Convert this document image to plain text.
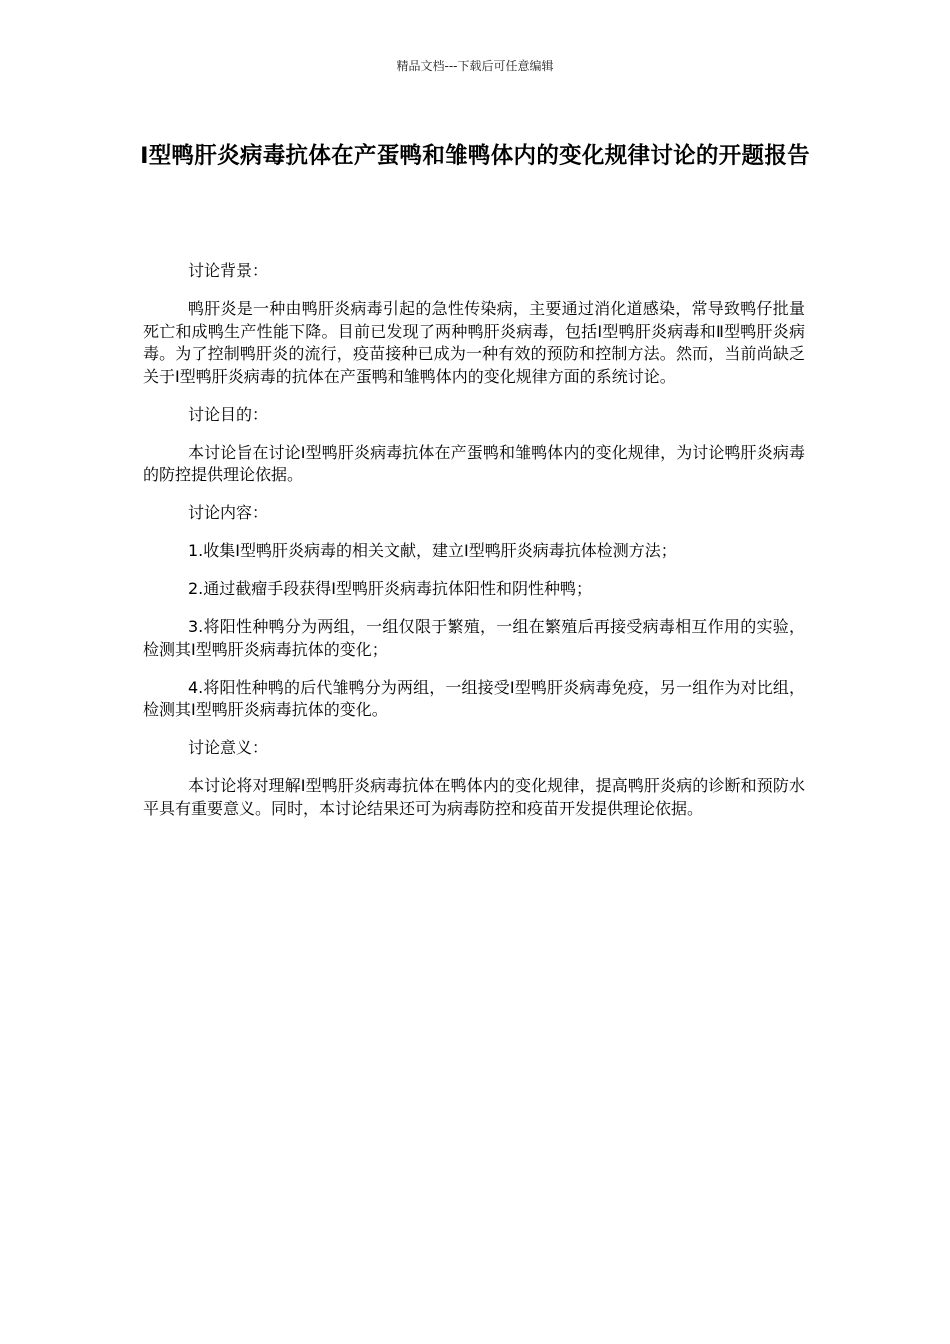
精品文档---下载后可任意编辑
Ⅰ型鸭肝炎病毒抗体在产蛋鸭和雏鸭体内的变化规律讨论的开题报告

讨论背景：

鸭肝炎是一种由鸭肝炎病毒引起的急性传染病，主要通过消化道感染，常导致鸭仔批量死亡和成鸭生产性能下降。目前已发现了两种鸭肝炎病毒，包括Ⅰ型鸭肝炎病毒和Ⅱ型鸭肝炎病毒。为了控制鸭肝炎的流行，疫苗接种已成为一种有效的预防和控制方法。然而，当前尚缺乏关于Ⅰ型鸭肝炎病毒的抗体在产蛋鸭和雏鸭体内的变化规律方面的系统讨论。

讨论目的：

本讨论旨在讨论Ⅰ型鸭肝炎病毒抗体在产蛋鸭和雏鸭体内的变化规律，为讨论鸭肝炎病毒的防控提供理论依据。

讨论内容：

1.收集Ⅰ型鸭肝炎病毒的相关文献，建立Ⅰ型鸭肝炎病毒抗体检测方法；

2.通过截瘤手段获得Ⅰ型鸭肝炎病毒抗体阳性和阴性种鸭；

3.将阳性种鸭分为两组，一组仅限于繁殖，一组在繁殖后再接受病毒相互作用的实验，检测其Ⅰ型鸭肝炎病毒抗体的变化；

4.将阳性种鸭的后代雏鸭分为两组，一组接受Ⅰ型鸭肝炎病毒免疫，另一组作为对比组，检测其Ⅰ型鸭肝炎病毒抗体的变化。

讨论意义：

本讨论将对理解Ⅰ型鸭肝炎病毒抗体在鸭体内的变化规律，提高鸭肝炎病的诊断和预防水平具有重要意义。同时，本讨论结果还可为病毒防控和疫苗开发提供理论依据。
